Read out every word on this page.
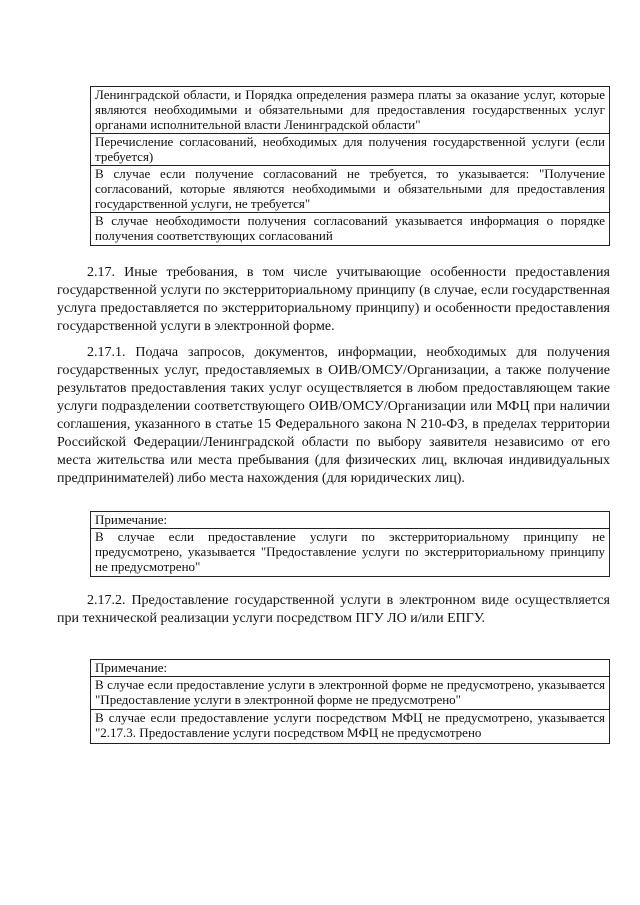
Ленинградской области, и Порядка определения размера платы за оказание услуг, которые являются необходимыми и обязательными для предоставления государственных услуг органами исполнительной власти Ленинградской области"
Перечисление согласований, необходимых для получения государственной услуги (если требуется)
В случае если получение согласований не требуется, то указывается: "Получение согласований, которые являются необходимыми и обязательными для предоставления государственной услуги, не требуется"
В случае необходимости получения согласований указывается информация о порядке получения соответствующих согласований

2.17. Иные требования, в том числе учитывающие особенности предоставления государственной услуги по экстерриториальному принципу (в случае, если государственная услуга предоставляется по экстерриториальному принципу) и особенности предоставления государственной услуги в электронной форме.

2.17.1. Подача запросов, документов, информации, необходимых для получения государственных услуг, предоставляемых в ОИВ/ОМСУ/Организации, а также получение результатов предоставления таких услуг осуществляется в любом предоставляющем такие услуги подразделении соответствующего ОИВ/ОМСУ/Организации или МФЦ при наличии соглашения, указанного в статье 15 Федерального закона N 210-ФЗ, в пределах территории Российской Федерации/Ленинградской области по выбору заявителя независимо от его места жительства или места пребывания (для физических лиц, включая индивидуальных предпринимателей) либо места нахождения (для юридических лиц).

Примечание:
В случае если предоставление услуги по экстерриториальному принципу не предусмотрено, указывается "Предоставление услуги по экстерриториальному принципу не предусмотрено"

2.17.2. Предоставление государственной услуги в электронном виде осуществляется при технической реализации услуги посредством ПГУ ЛО и/или ЕПГУ.

Примечание:
В случае если предоставление услуги в электронной форме не предусмотрено, указывается "Предоставление услуги в электронной форме не предусмотрено"
В случае если предоставление услуги посредством МФЦ не предусмотрено, указывается "2.17.3. Предоставление услуги посредством МФЦ не предусмотрено
